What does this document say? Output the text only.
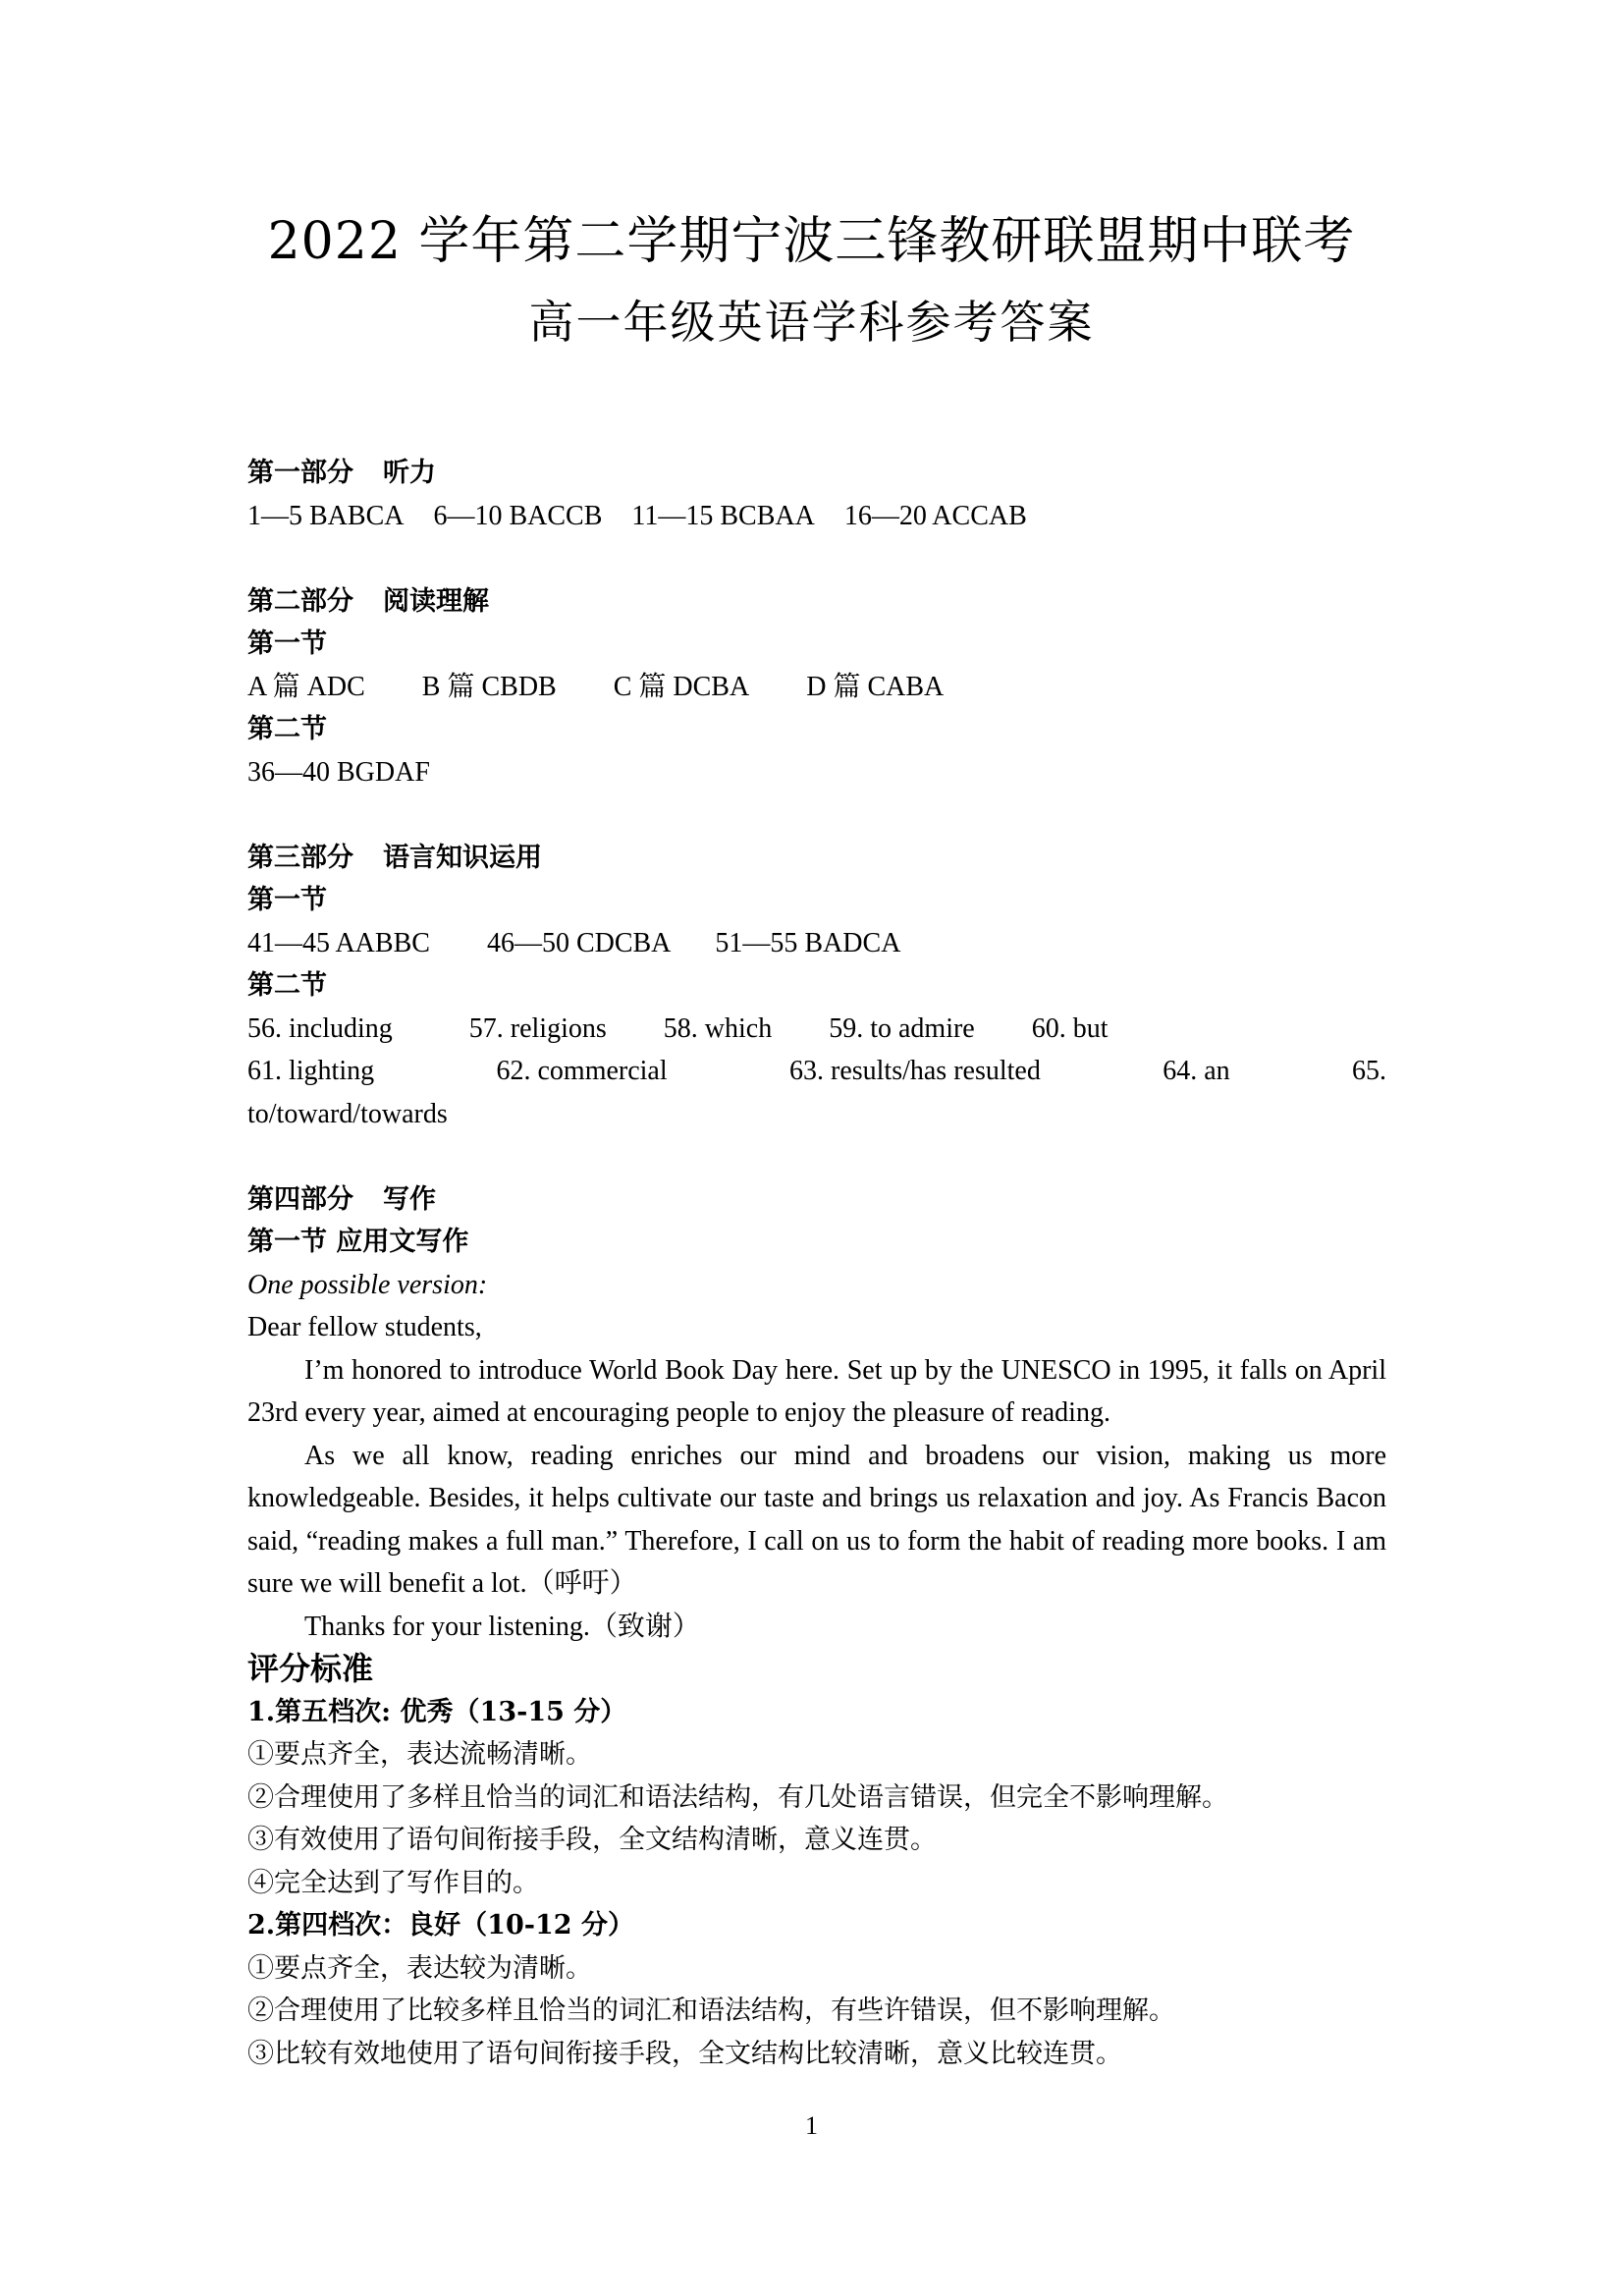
2022 学年第二学期宁波三锋教研联盟期中联考
高一年级英语学科参考答案
第一部分 听力
1—5 BABCA 6—10 BACCB 11—15 BCBAA 16—20 ACCAB
第二部分 阅读理解
第一节
A 篇 ADC B 篇 CBDB C 篇 DCBA D 篇 CABA
第二节
36—40 BGDAF
第三部分 语言知识运用
第一节
41—45 AABBC 46—50 CDCBA 51—55 BADCA
第二节
56. including	57. religions 58. which 59. to admire 60. but
61. lighting	62. commercial	63. results/has resulted	64. an	65.
to/toward/towards
第四部分 写作
第一节 应用文写作
One possible version:
Dear fellow students,
I’m honored to introduce World Book Day here. Set up by the UNESCO in 1995, it falls on April 23rd every year, aimed at encouraging people to enjoy the pleasure of reading.
As we all know, reading enriches our mind and broadens our vision, making us more knowledgeable. Besides, it helps cultivate our taste and brings us relaxation and joy. As Francis Bacon said, “reading makes a full man.” Therefore, I call on us to form the habit of reading more books. I am sure we will benefit a lot.（呼吁）
Thanks for your listening.（致谢）
评分标准
1.第五档次: 优秀（13-15 分）
①要点齐全，表达流畅清晰。
②合理使用了多样且恰当的词汇和语法结构，有几处语言错误，但完全不影响理解。
③有效使用了语句间衔接手段，全文结构清晰，意义连贯。
④完全达到了写作目的。
2.第四档次：良好（10-12 分）
①要点齐全，表达较为清晰。
②合理使用了比较多样且恰当的词汇和语法结构，有些许错误，但不影响理解。
③比较有效地使用了语句间衔接手段，全文结构比较清晰，意义比较连贯。
1
